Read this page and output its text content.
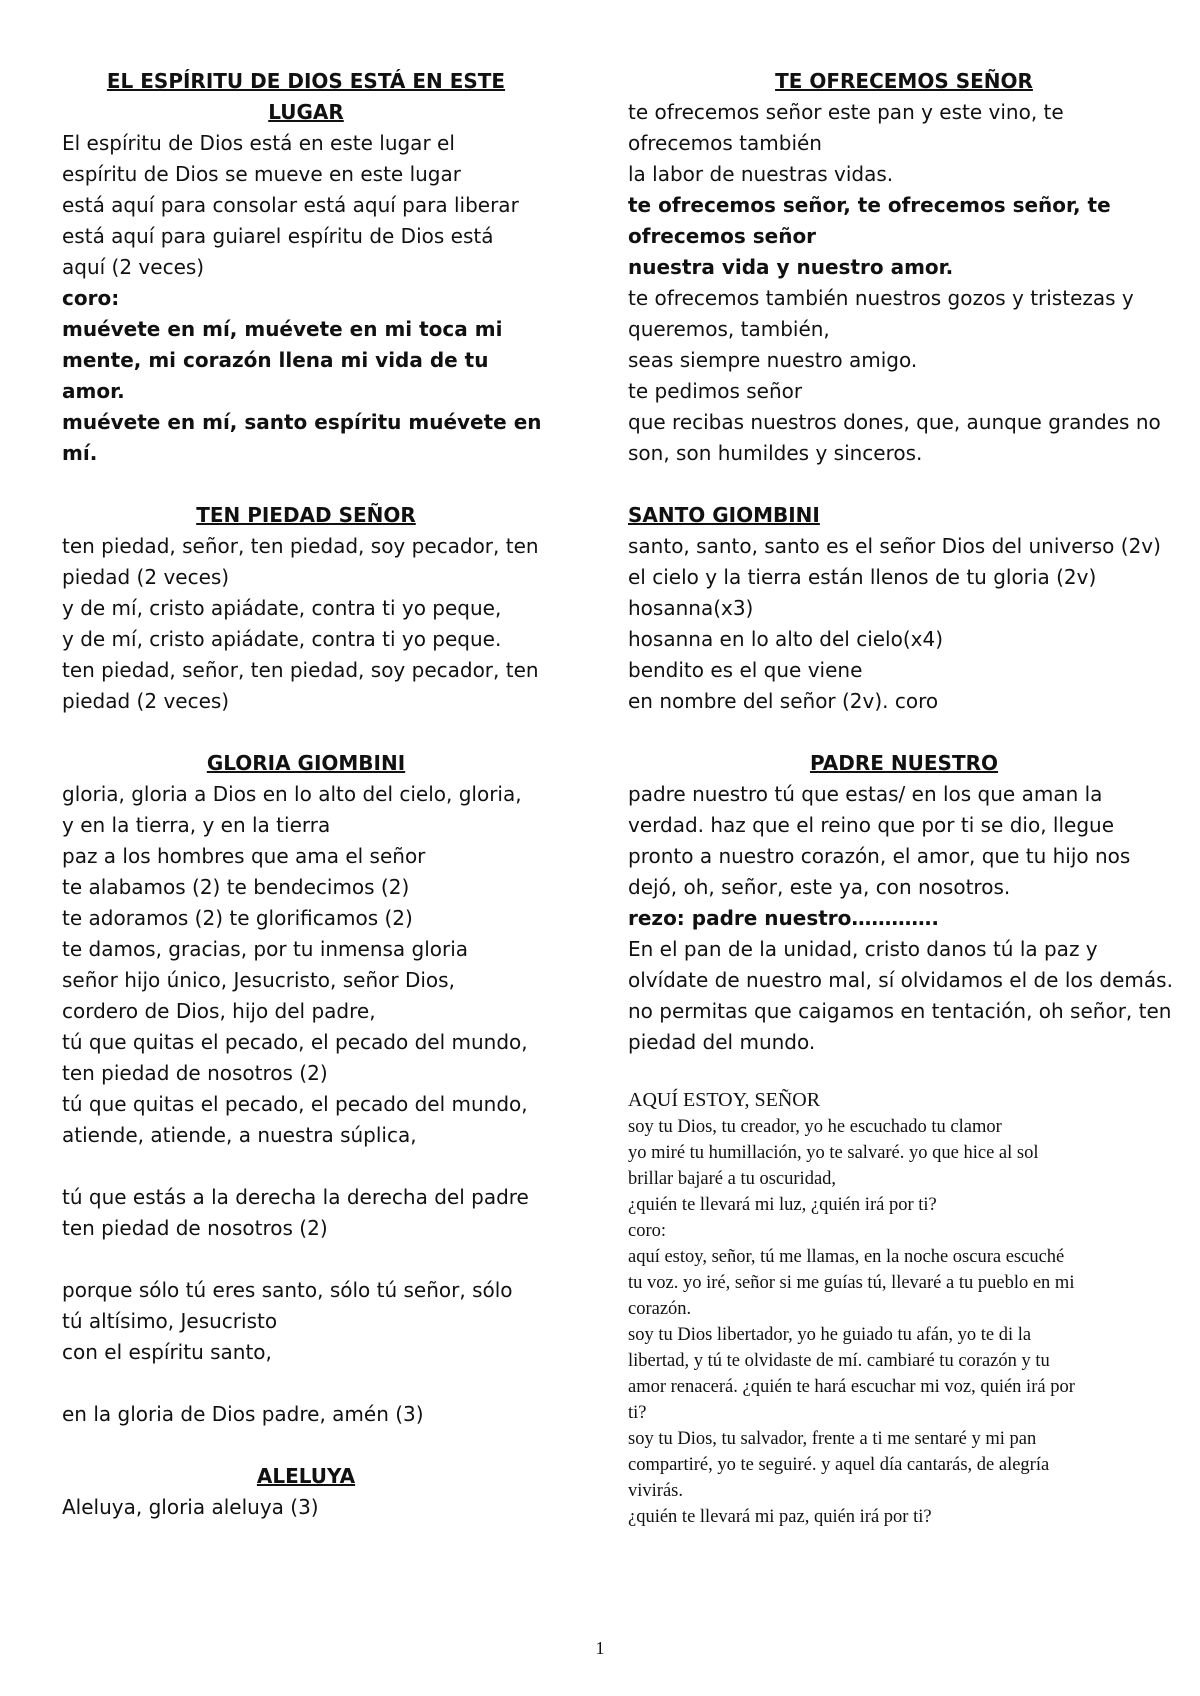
EL ESPÍRITU DE DIOS ESTÁ EN ESTE LUGAR

El espíritu de Dios está en este lugar el

espíritu de Dios se mueve en este lugar

está aquí para consolar está aquí para liberar

está aquí para guiarel espíritu de Dios está

aquí (2 veces)

coro:

muévete en mí, muévete en mi toca mi

mente, mi corazón llena mi vida de tu amor.

muévete en mí, santo espíritu muévete en

mí.

TEN PIEDAD SEÑOR

ten piedad, señor, ten piedad, soy pecador, ten

piedad (2 veces)

y de mí, cristo apiádate, contra ti yo peque,

y de mí, cristo apiádate, contra ti yo peque.

ten piedad, señor, ten piedad, soy pecador, ten

piedad (2 veces)

GLORIA GIOMBINI

gloria, gloria a Dios en lo alto del cielo, gloria,

y en la tierra, y en la tierra

paz a los hombres que ama el señor

te alabamos (2) te bendecimos (2)

te adoramos (2) te glorificamos (2)

te damos, gracias, por tu inmensa gloria

señor hijo único, Jesucristo, señor Dios,

cordero de Dios, hijo del padre,

tú que quitas el pecado, el pecado del mundo,

ten piedad de nosotros (2)

tú que quitas el pecado, el pecado del mundo,

atiende, atiende, a nuestra súplica,

tú que estás a la derecha la derecha del padre

ten piedad de nosotros (2)

porque sólo tú eres santo, sólo tú señor, sólo

tú altísimo, Jesucristo

con el espíritu santo,

en la gloria de Dios padre, amén (3)

ALELUYA

Aleluya, gloria aleluya (3)

TE OFRECEMOS SEÑOR

te ofrecemos señor este pan y este vino, te

ofrecemos también

la labor de nuestras vidas.

te ofrecemos señor, te ofrecemos señor, te

ofrecemos señor

nuestra vida y nuestro amor.

te ofrecemos también nuestros gozos y tristezas y

queremos, también,

seas siempre nuestro amigo.

te pedimos señor

que recibas nuestros dones, que, aunque grandes no

son, son humildes y sinceros.

SANTO GIOMBINI

santo, santo, santo es el señor Dios del universo (2v)

el cielo y la tierra están llenos de tu gloria (2v)

hosanna(x3)

hosanna en lo alto del cielo(x4)

bendito es el que viene

en nombre del señor (2v). coro

PADRE NUESTRO

padre nuestro tú que estas/ en los que aman la

verdad. haz que el reino que por ti se dio, llegue

pronto a nuestro corazón, el amor, que tu hijo nos

dejó, oh, señor, este ya, con nosotros.

rezo: padre nuestro………….

En el pan de la unidad, cristo danos tú la paz y

olvídate de nuestro mal, sí olvidamos el de los demás.

no permitas que caigamos en tentación, oh señor, ten

piedad del mundo.

AQUÍ ESTOY, SEÑOR

soy tu Dios, tu creador, yo he escuchado tu clamor

yo miré tu humillación, yo te salvaré. yo que hice al sol

brillar bajaré a tu oscuridad,

¿quién te llevará mi luz, ¿quién irá por ti?

coro:

aquí estoy, señor, tú me llamas, en la noche oscura escuché

tu voz. yo iré, señor si me guías tú, llevaré a tu pueblo en mi

corazón.

soy tu Dios libertador, yo he guiado tu afán, yo te di la

libertad, y tú te olvidaste de mí. cambiaré tu corazón y tu

amor renacerá. ¿quién te hará escuchar mi voz, quién irá por

ti?

soy tu Dios, tu salvador, frente a ti me sentaré y mi pan

compartiré, yo te seguiré. y aquel día cantarás, de alegría

vivirás.

¿quién te llevará mi paz, quién irá por ti?

1
